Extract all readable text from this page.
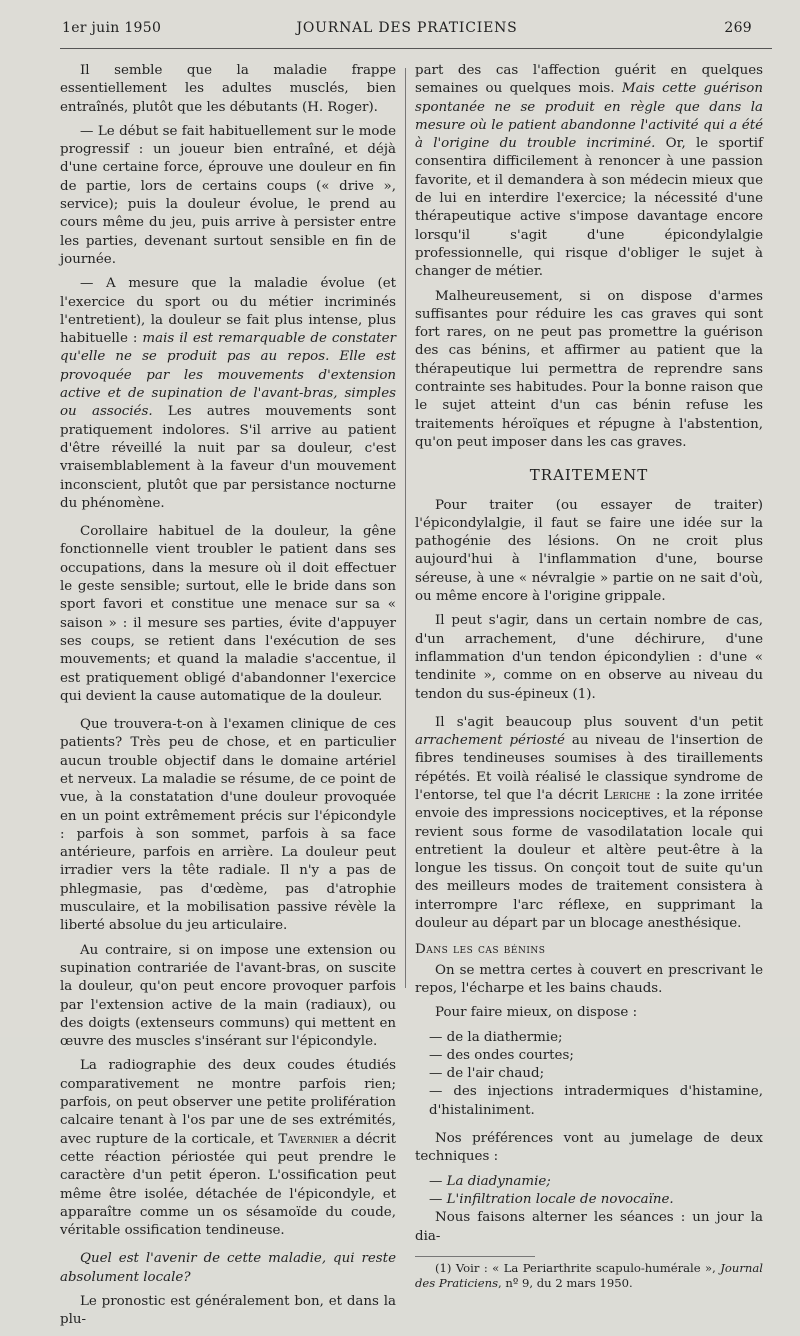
1er juin 1950	JOURNAL DES PRATICIENS	269

Il semble que la maladie frappe essentiellement les adultes musclés, bien entraînés, plutôt que les débutants (H. Roger).

— Le début se fait habituellement sur le mode progressif : un joueur bien entraîné, et déjà d'une certaine force, éprouve une douleur en fin de partie, lors de certains coups (« drive », service); puis la douleur évolue, le prend au cours même du jeu, puis arrive à persister entre les parties, devenant surtout sensible en fin de journée.

— A mesure que la maladie évolue (et l'exercice du sport ou du métier incriminés l'entretient), la douleur se fait plus intense, plus habituelle : mais il est remarquable de constater qu'elle ne se produit pas au repos. Elle est provoquée par les mouvements d'extension active et de supination de l'avant-bras, simples ou associés. Les autres mouvements sont pratiquement indolores. S'il arrive au patient d'être réveillé la nuit par sa douleur, c'est vraisemblablement à la faveur d'un mouvement inconscient, plutôt que par persistance nocturne du phénomène.

Corollaire habituel de la douleur, la gêne fonctionnelle vient troubler le patient dans ses occupations, dans la mesure où il doit effectuer le geste sensible; surtout, elle le bride dans son sport favori et constitue une menace sur sa « saison » : il mesure ses parties, évite d'appuyer ses coups, se retient dans l'exécution de ses mouvements; et quand la maladie s'accentue, il est pratiquement obligé d'abandonner l'exercice qui devient la cause automatique de la douleur.

Que trouvera-t-on à l'examen clinique de ces patients? Très peu de chose, et en particulier aucun trouble objectif dans le domaine artériel et nerveux. La maladie se résume, de ce point de vue, à la constatation d'une douleur provoquée en un point extrêmement précis sur l'épicondyle : parfois à son sommet, parfois à sa face antérieure, parfois en arrière. La douleur peut irradier vers la tête radiale. Il n'y a pas de phlegmasie, pas d'œdème, pas d'atrophie musculaire, et la mobilisation passive révèle la liberté absolue du jeu articulaire.

Au contraire, si on impose une extension ou supination contrariée de l'avant-bras, on suscite la douleur, qu'on peut encore provoquer parfois par l'extension active de la main (radiaux), ou des doigts (extenseurs communs) qui mettent en œuvre des muscles s'insérant sur l'épicondyle.

La radiographie des deux coudes étudiés comparativement ne montre parfois rien; parfois, on peut observer une petite prolifération calcaire tenant à l'os par une de ses extrémités, avec rupture de la corticale, et Tavernier a décrit cette réaction périostée qui peut prendre le caractère d'un petit éperon. L'ossification peut même être isolée, détachée de l'épicondyle, et apparaître comme un os sésamoïde du coude, véritable ossification tendineuse.

Quel est l'avenir de cette maladie, qui reste absolument locale?

Le pronostic est généralement bon, et dans la plu-

part des cas l'affection guérit en quelques semaines ou quelques mois. Mais cette guérison spontanée ne se produit en règle que dans la mesure où le patient abandonne l'activité qui a été à l'origine du trouble incriminé. Or, le sportif consentira difficilement à renoncer à une passion favorite, et il demandera à son médecin mieux que de lui en interdire l'exercice; la nécessité d'une thérapeutique active s'impose davantage encore lorsqu'il s'agit d'une épicondylalgie professionnelle, qui risque d'obliger le sujet à changer de métier.

Malheureusement, si on dispose d'armes suffisantes pour réduire les cas graves qui sont fort rares, on ne peut pas promettre la guérison des cas bénins, et affirmer au patient que la thérapeutique lui permettra de reprendre sans contrainte ses habitudes. Pour la bonne raison que le sujet atteint d'un cas bénin refuse les traitements héroïques et répugne à l'abstention, qu'on peut imposer dans les cas graves.

TRAITEMENT

Pour traiter (ou essayer de traiter) l'épicondylalgie, il faut se faire une idée sur la pathogénie des lésions. On ne croit plus aujourd'hui à l'inflammation d'une, bourse séreuse, à une « névralgie » partie on ne sait d'où, ou même encore à l'origine grippale.

Il peut s'agir, dans un certain nombre de cas, d'un arrachement, d'une déchirure, d'une inflammation d'un tendon épicondylien : d'une « tendinite », comme on en observe au niveau du tendon du sus-épineux (1).

Il s'agit beaucoup plus souvent d'un petit arrachement périosté au niveau de l'insertion de fibres tendineuses soumises à des tiraillements répétés. Et voilà réalisé le classique syndrome de l'entorse, tel que l'a décrit Leriche : la zone irritée envoie des impressions nociceptives, et la réponse revient sous forme de vasodilatation locale qui entretient la douleur et altère peut-être à la longue les tissus. On conçoit tout de suite qu'un des meilleurs modes de traitement consistera à interrompre l'arc réflexe, en supprimant la douleur au départ par un blocage anesthésique.

Dans les cas bénins

On se mettra certes à couvert en prescrivant le repos, l'écharpe et les bains chauds.

Pour faire mieux, on dispose :

— de la diathermie;
— des ondes courtes;
— de l'air chaud;
— des injections intradermiques d'histamine, d'histaliniment.

Nos préférences vont au jumelage de deux techniques :

— La diadynamie;
— L'infiltration locale de novocaïne.

Nous faisons alterner les séances : un jour la dia-

(1) Voir : « La Periarthrite scapulo-humérale », Journal des Praticiens, nº 9, du 2 mars 1950.
